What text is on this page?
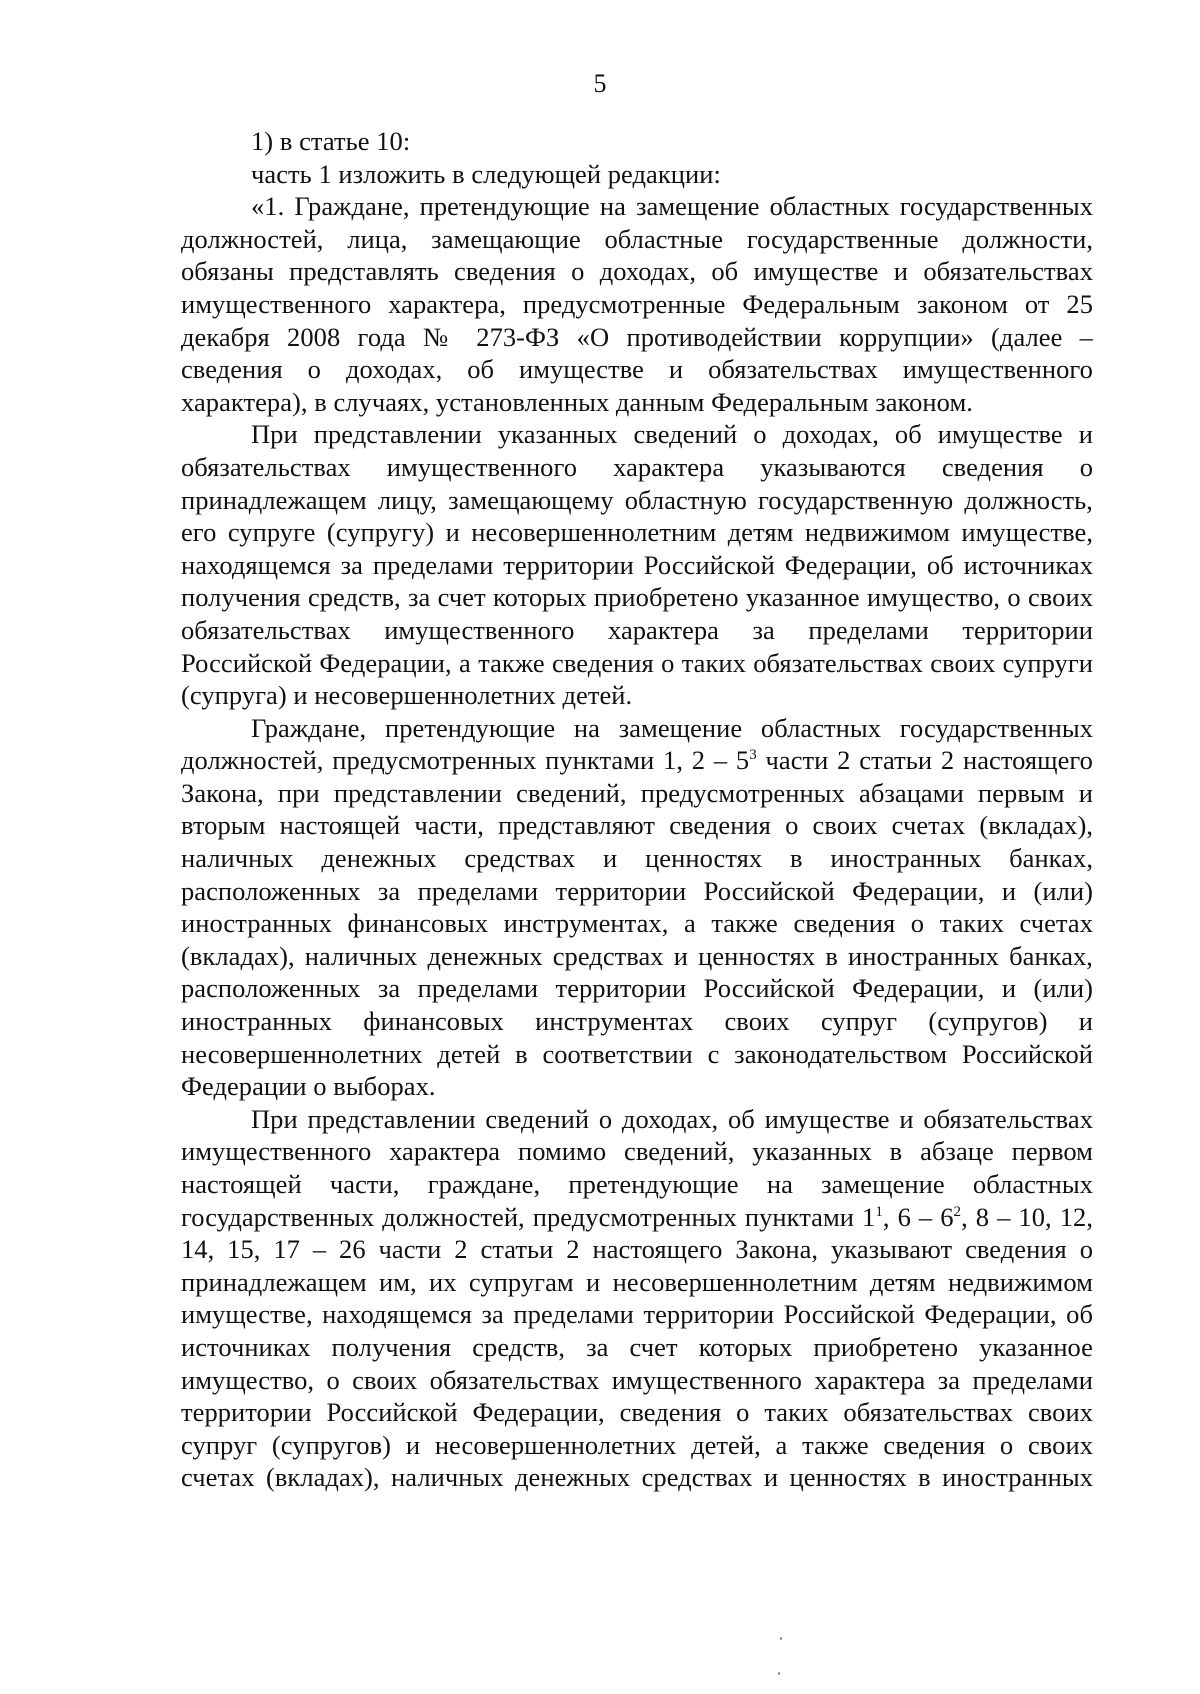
5

1) в статье 10:

часть 1 изложить в следующей редакции:

«1. Граждане, претендующие на замещение областных государственных должностей, лица, замещающие областные государственные должности, обязаны представлять сведения о доходах, об имуществе и обязательствах имущественного характера, предусмотренные Федеральным законом от 25 декабря 2008 года № 273-ФЗ «О противодействии коррупции» (далее – сведения о доходах, об имуществе и обязательствах имущественного характера), в случаях, установленных данным Федеральным законом.

При представлении указанных сведений о доходах, об имуществе и обязательствах имущественного характера указываются сведения о принадлежащем лицу, замещающему областную государственную должность, его супруге (супругу) и несовершеннолетним детям недвижимом имуществе, находящемся за пределами территории Российской Федерации, об источниках получения средств, за счет которых приобретено указанное имущество, о своих обязательствах имущественного характера за пределами территории Российской Федерации, а также сведения о таких обязательствах своих супруги (супруга) и несовершеннолетних детей.

Граждане, претендующие на замещение областных государственных должностей, предусмотренных пунктами 1, $2 - 5^3$ части 2 статьи 2 настоящего Закона, при представлении сведений, предусмотренных абзацами первым и вторым настоящей части, представляют сведения о своих счетах (вкладах), наличных денежных средствах и ценностях в иностранных банках, расположенных за пределами территории Российской Федерации, и (или) иностранных финансовых инструментах, а также сведения о таких счетах (вкладах), наличных денежных средствах и ценностях в иностранных банках, расположенных за пределами территории Российской Федерации, и (или) иностранных финансовых инструментах своих супруг (супругов) и несовершеннолетних детей в соответствии с законодательством Российской Федерации о выборах.

При представлении сведений о доходах, об имуществе и обязательствах имущественного характера помимо сведений, указанных в абзаце первом настоящей части, граждане, претендующие на замещение областных государственных должностей, предусмотренных пунктами $1^1$, $6 - 6^2$, 8 – 10, 12, 14, 15, 17 – 26 части 2 статьи 2 настоящего Закона, указывают сведения о принадлежащем им, их супругам и несовершеннолетним детям недвижимом имуществе, находящемся за пределами территории Российской Федерации, об источниках получения средств, за счет которых приобретено указанное имущество, о своих обязательствах имущественного характера за пределами территории Российской Федерации, сведения о таких обязательствах своих супруг (супругов) и несовершеннолетних детей, а также сведения о своих счетах (вкладах), наличных денежных средствах и ценностях в иностранных
